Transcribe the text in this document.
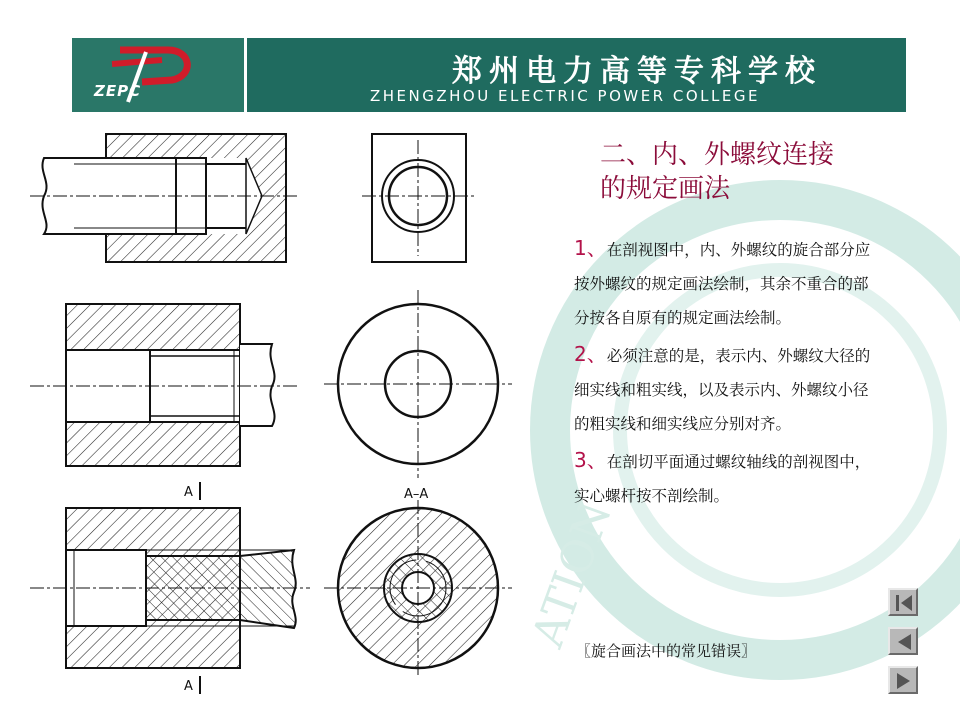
ATION
ZEPC
郑州电力高等专科学校
ZHENGZHOU ELECTRIC POWER COLLEGE
A	A–A
A
二、内、外螺纹连接
的规定画法
1、在剖视图中，内、外螺纹的旋合部分应按外螺纹的规定画法绘制，其余不重合的部分按各自原有的规定画法绘制。
2、必须注意的是，表示内、外螺纹大径的细实线和粗实线，以及表示内、外螺纹小径的粗实线和细实线应分别对齐。
3、在剖切平面通过螺纹轴线的剖视图中，实心螺杆按不剖绘制。
〖旋合画法中的常见错误〗
